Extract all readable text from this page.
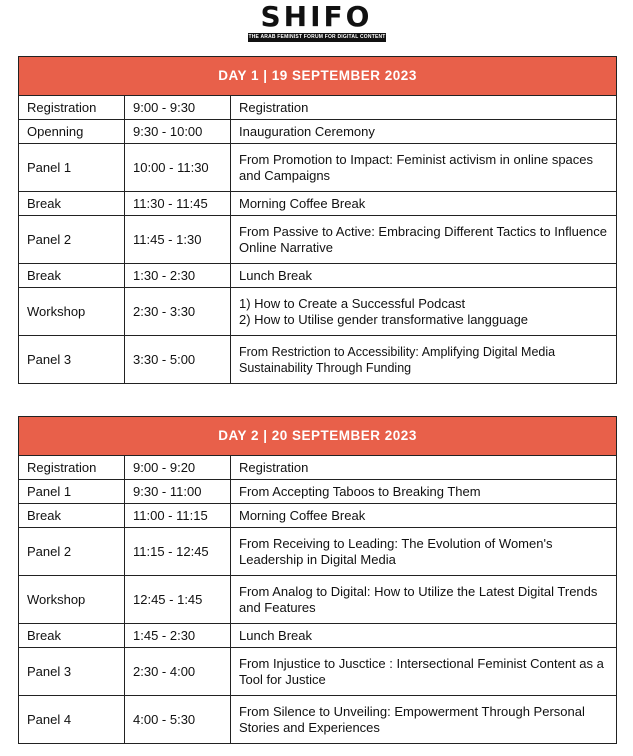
SHIF
O
THE ARAB FEMINIST FORUM FOR DIGITAL CONTENT
DAY 1 | 19 SEPTEMBER 2023		
Registration	9:00 - 9:30	Registration
Openning	9:30 - 10:00	Inauguration Ceremony
Panel 1	10:00 - 11:30	From Promotion to Impact: Feminist activism in online spaces and Campaigns
Break	11:30 - 11:45	Morning Coffee Break
Panel 2	11:45 - 1:30	From Passive to Active: Embracing Different Tactics to Influence Online Narrative
Break	1:30 - 2:30	Lunch Break
Workshop	2:30 - 3:30	1) How to Create a Successful Podcast
2) How to Utilise gender transformative langguage

Panel 3	3:30 - 5:00	From Restriction to Accessibility: Amplifying Digital Media Sustainability Through Funding
DAY 2 | 20 SEPTEMBER 2023		
Registration	9:00 - 9:20	Registration
Panel 1	9:30 - 11:00	From Accepting Taboos to Breaking Them
Break	11:00 - 11:15	Morning Coffee Break
Panel 2	11:15 - 12:45	From Receiving to Leading: The Evolution of Women's Leadership in Digital Media
Workshop	12:45 - 1:45	From Analog to Digital: How to Utilize the Latest Digital Trends and Features
Break	1:45 - 2:30	Lunch Break
Panel 3	2:30 - 4:00	From Injustice to Jusctice : Intersectional Feminist Content as a Tool for Justice
Panel 4	4:00 - 5:30	From Silence to Unveiling: Empowerment Through Personal Stories and Experiences
